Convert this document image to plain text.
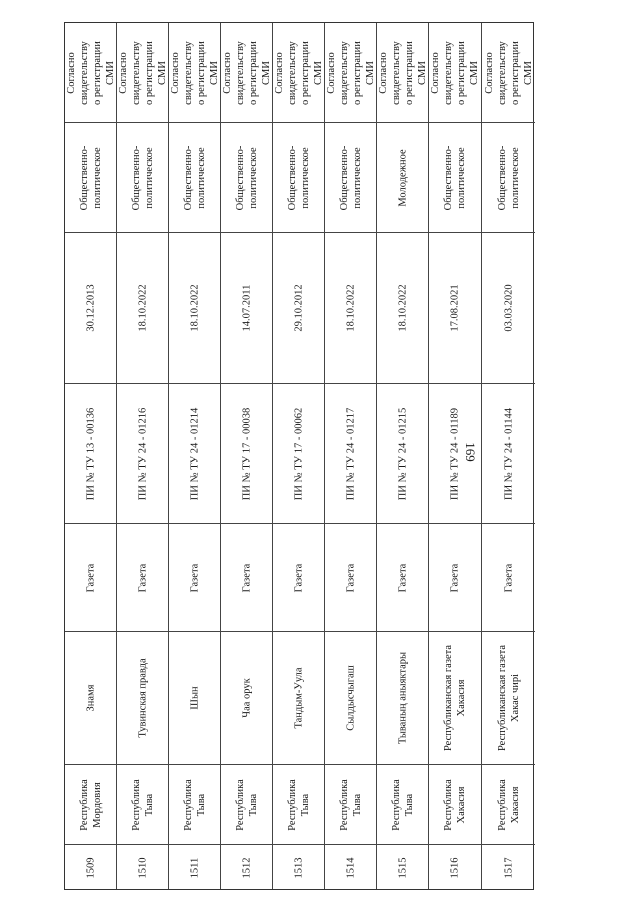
169
Согласно свидетельству о регистрации СМИ
Общественно-политическое
30.12.2013
ПИ № ТУ 13 - 00136
Газета
Знамя
Республика Мордовия
1509
Согласно свидетельству о регистрации СМИ
Общественно-политическое
18.10.2022
ПИ № ТУ 24 - 01216
Газета
Тувинская правда
Республика Тыва
1510
Согласно свидетельству о регистрации СМИ
Общественно-политическое
18.10.2022
ПИ № ТУ 24 - 01214
Газета
Шын
Республика Тыва
1511
Согласно свидетельству о регистрации СМИ
Общественно-политическое
14.07.2011
ПИ № ТУ 17 - 00038
Газета
Чаа орук
Республика Тыва
1512
Согласно свидетельству о регистрации СМИ
Общественно-политическое
29.10.2012
ПИ № ТУ 17 - 00062
Газета
Тандым-Уула
Республика Тыва
1513
Согласно свидетельству о регистрации СМИ
Общественно-политическое
18.10.2022
ПИ № ТУ 24 - 01217
Газета
Сылдысчыгаш
Республика Тыва
1514
Согласно свидетельству о регистрации СМИ
Молодежное
18.10.2022
ПИ № ТУ 24 - 01215
Газета
Тываның аныяктары
Республика Тыва
1515
Согласно свидетельству о регистрации СМИ
Общественно-политическое
17.08.2021
ПИ № ТУ 24 - 01189
Газета
Республиканская газета Хакасия
Республика Хакасия
1516
Согласно свидетельству о регистрации СМИ
Общественно-политическое
03.03.2020
ПИ № ТУ 24 - 01144
Газета
Республиканская газета Хакас чирі
Республика Хакасия
1517
